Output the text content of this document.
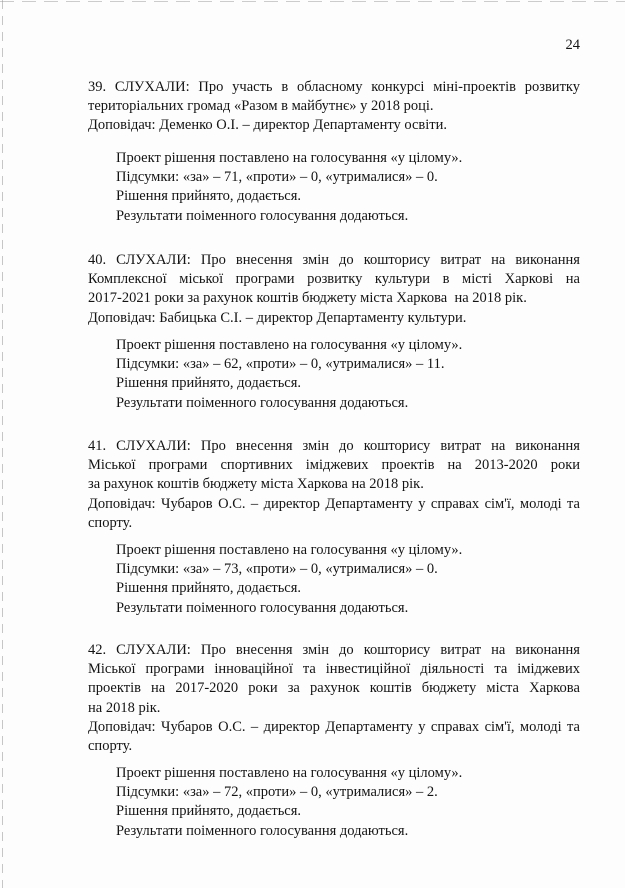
24
39. СЛУХАЛИ: Про участь в обласному конкурсі міні-проектів розвитку
територіальних громад «Разом в майбутнє» у 2018 році.
Доповідач: Деменко О.І. – директор Департаменту освіти.
Проект рішення поставлено на голосування «у цілому».
Підсумки: «за» – 71, «проти» – 0, «утрималися» – 0.
Рішення прийнято, додається.
Результати поіменного голосування додаються.
40. СЛУХАЛИ: Про внесення змін до кошторису витрат на виконання
Комплексної міської програми розвитку культури в місті Харкові на
2017-2021 роки за рахунок коштів бюджету міста Харкова  на 2018 рік.
Доповідач: Бабицька С.І. – директор Департаменту культури.
Проект рішення поставлено на голосування «у цілому».
Підсумки: «за» – 62, «проти» – 0, «утрималися» – 11.
Рішення прийнято, додається.
Результати поіменного голосування додаються.
41. СЛУХАЛИ: Про внесення змін до кошторису витрат на виконання
Міської програми спортивних іміджевих проектів на 2013-2020 роки
за рахунок коштів бюджету міста Харкова на 2018 рік.
Доповідач: Чубаров О.С. – директор Департаменту у справах сім'ї, молоді та
спорту.
Проект рішення поставлено на голосування «у цілому».
Підсумки: «за» – 73, «проти» – 0, «утрималися» – 0.
Рішення прийнято, додається.
Результати поіменного голосування додаються.
42. СЛУХАЛИ: Про внесення змін до кошторису витрат на виконання
Міської програми інноваційної та інвестиційної діяльності та іміджевих
проектів на 2017-2020 роки за рахунок коштів бюджету міста Харкова
на 2018 рік.
Доповідач: Чубаров О.С. – директор Департаменту у справах сім'ї, молоді та
спорту.
Проект рішення поставлено на голосування «у цілому».
Підсумки: «за» – 72, «проти» – 0, «утрималися» – 2.
Рішення прийнято, додається.
Результати поіменного голосування додаються.
